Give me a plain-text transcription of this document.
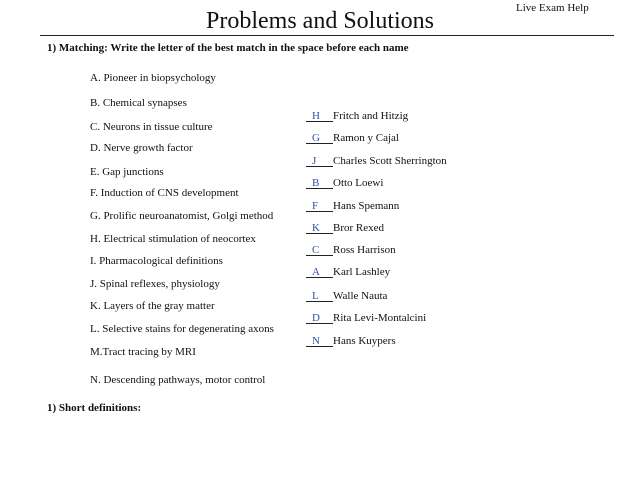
Live Exam Help
Problems and Solutions
1) Matching: Write the letter of the best match in the space before each name
A. Pioneer in biopsychology
B. Chemical synapses
C. Neurons in tissue culture
D. Nerve growth factor
E. Gap junctions
F. Induction of CNS development
G. Prolific neuroanatomist, Golgi method
H. Electrical stimulation of neocortex
I. Pharmacological definitions
J. Spinal reflexes, physiology
K. Layers of the gray matter
L. Selective stains for degenerating axons
M.Tract tracing by MRI
N. Descending pathways, motor control
H Fritch and Hitzig
G Ramon y Cajal
J Charles Scott Sherrington
B Otto Loewi
F Hans Spemann
K Bror Rexed
C Ross Harrison
A Karl Lashley
L Walle Nauta
D Rita Levi-Montalcini
N Hans Kuypers
1) Short definitions:
